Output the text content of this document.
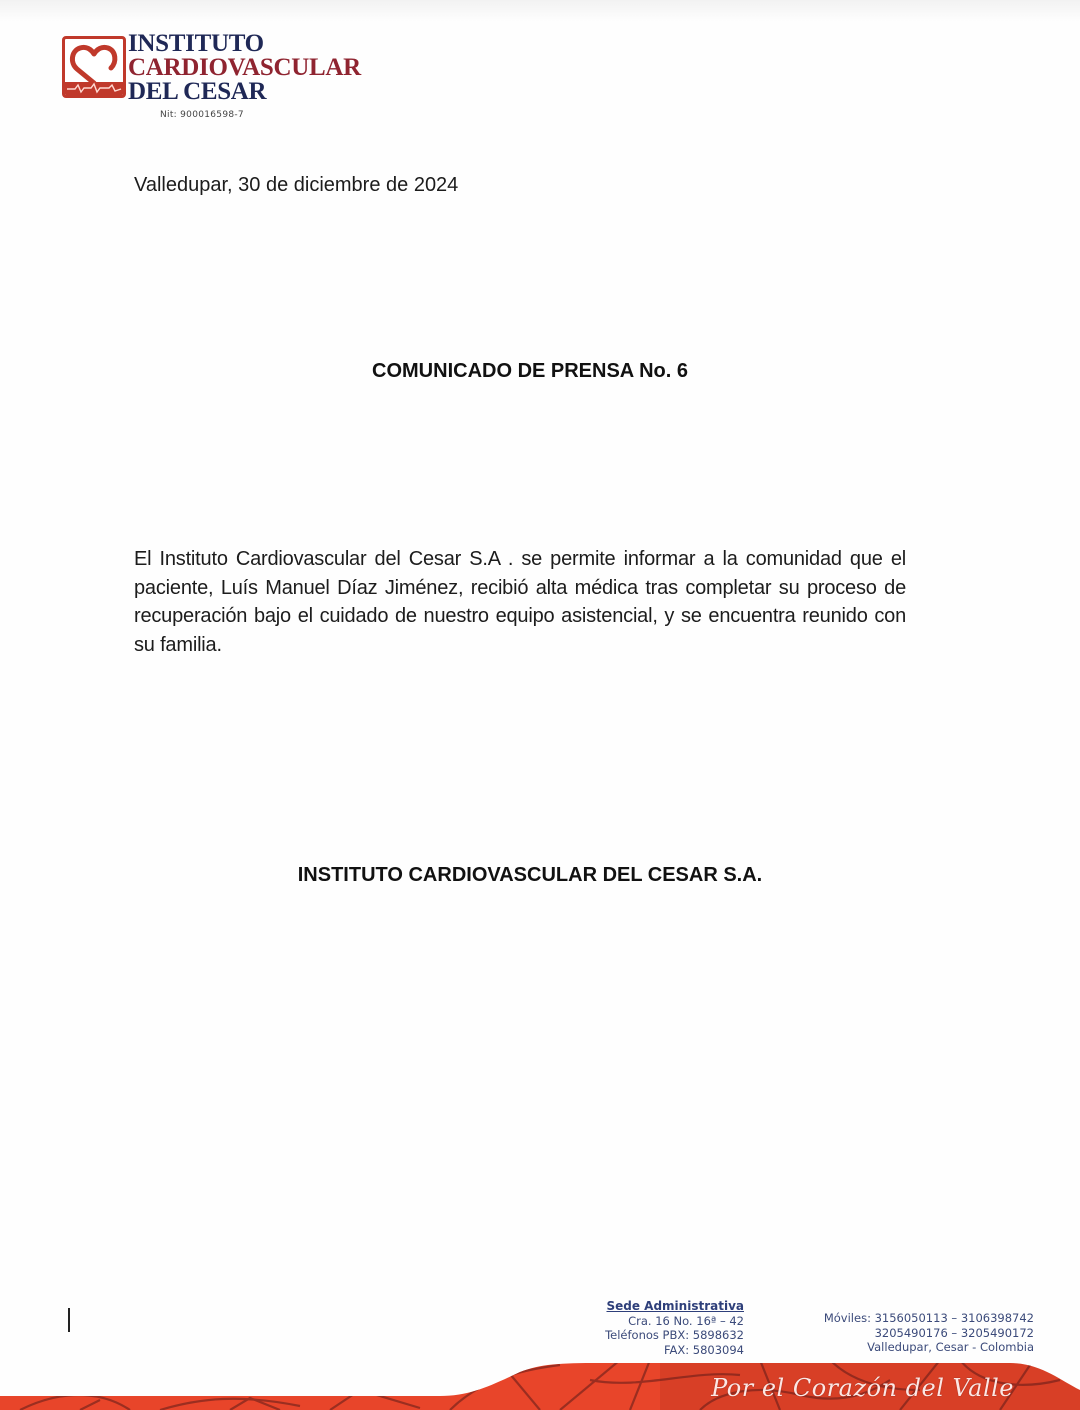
INSTITUTO
CARDIOVASCULAR
DEL CESAR
Nit: 900016598-7
Valledupar, 30 de diciembre de 2024
COMUNICADO DE PRENSA No. 6

El Instituto Cardiovascular del Cesar S.A . se permite informar a la comunidad que el paciente, Luís Manuel Díaz Jiménez, recibió alta médica tras completar su proceso de recuperación bajo el cuidado de nuestro equipo asistencial, y se encuentra reunido con su familia.

INSTITUTO CARDIOVASCULAR DEL CESAR S.A.
Sede Administrativa
Cra. 16 No. 16ª – 42
Teléfonos PBX: 5898632
FAX: 5803094
Móviles: 3156050113 – 3106398742
3205490176 – 3205490172
Valledupar, Cesar - Colombia
Por el Corazón del Valle
